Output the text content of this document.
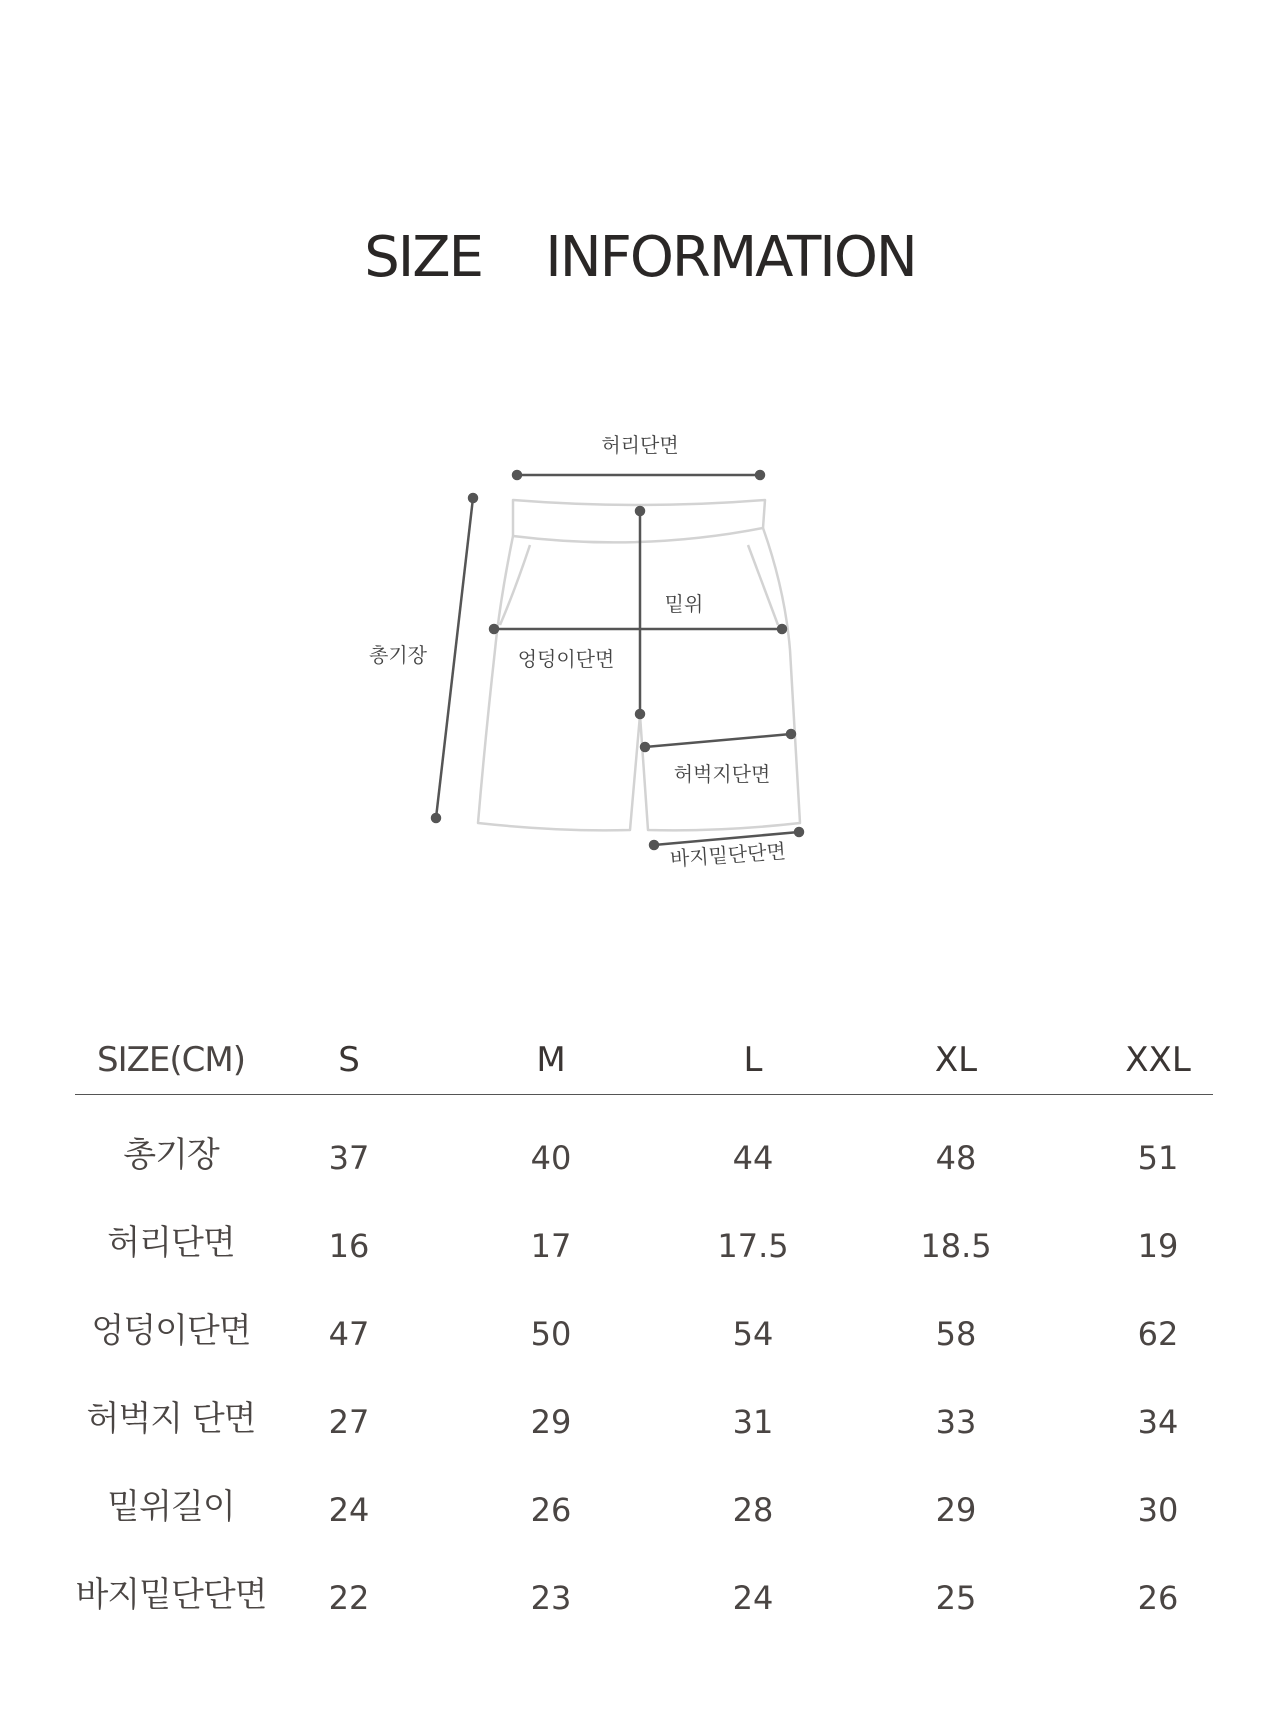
SIZE    INFORMATION
허리단면
밑위
총기장	엉덩이단면
허벅지단면
바지밑단단면
SIZE(CM)	S	M	L	XL	XXL
총기장	37	40	44	48	51
허리단면	16	17	17.5	18.5	19
엉덩이단면 47	50	54	58	62
허벅지 단면 27	29	31	33	34
밑위길이	24	26	28	29	30
바지밑단단면 22	23	24	25	26
